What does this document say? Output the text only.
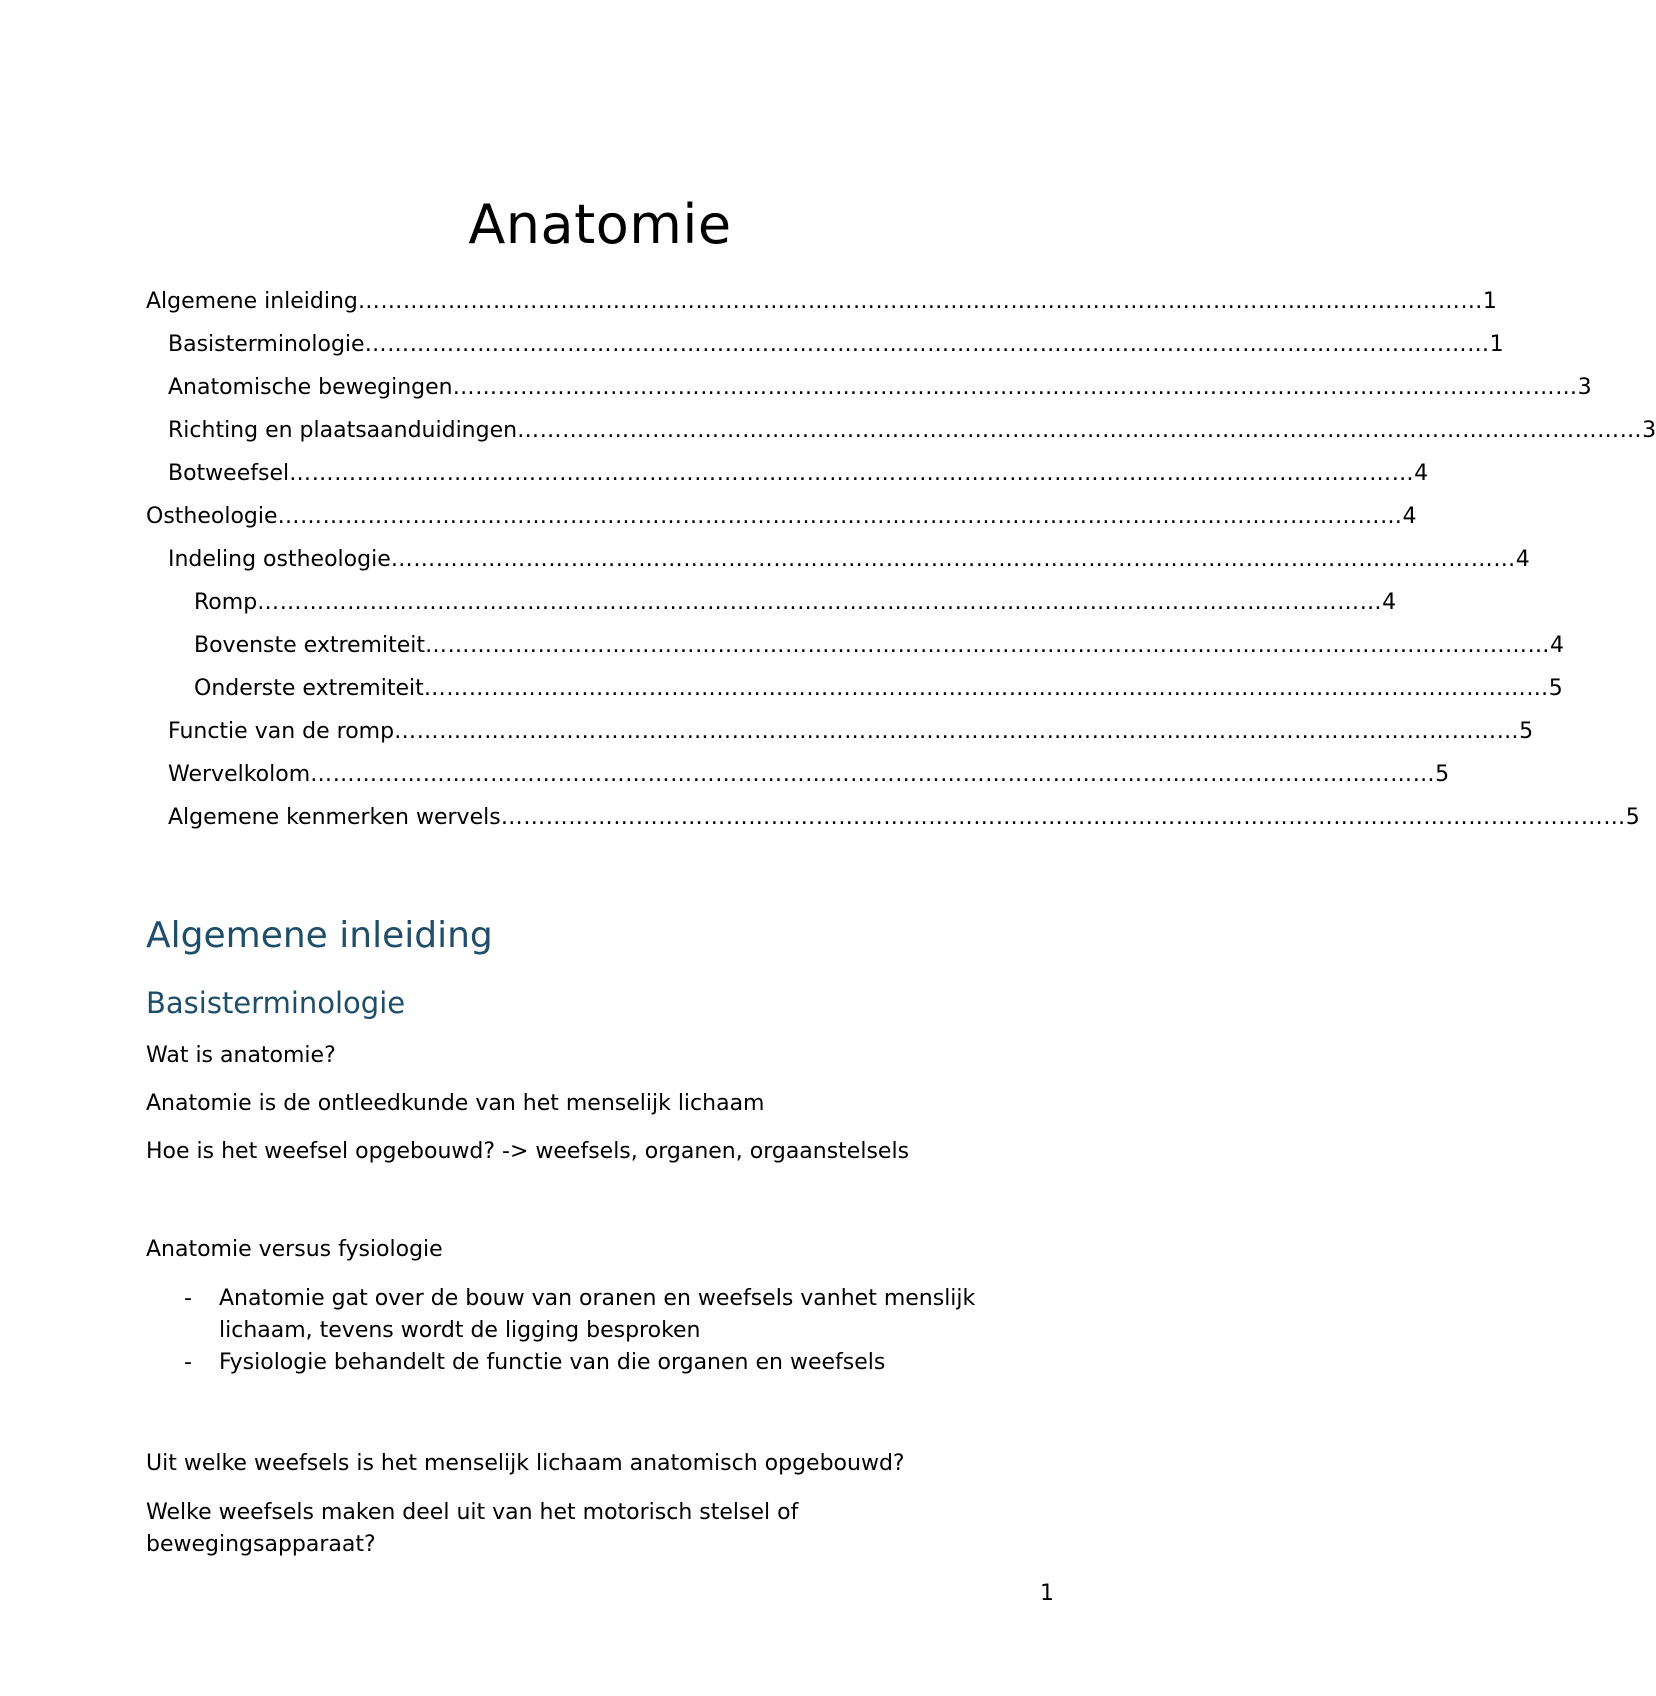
Anatomie
Algemene inleiding …………………………………………………………………………………………………………………………………… 1
Basisterminologie …………………………………………………………………………………………………………………………………… 1
Anatomische bewegingen …………………………………………………………………………………………………………………………………… 3
Richting en plaatsaanduidingen …………………………………………………………………………………………………………………………………… 3
Botweefsel …………………………………………………………………………………………………………………………………… 4
Ostheologie …………………………………………………………………………………………………………………………………… 4
Indeling ostheologie …………………………………………………………………………………………………………………………………… 4
Romp …………………………………………………………………………………………………………………………………… 4
Bovenste extremiteit …………………………………………………………………………………………………………………………………… 4
Onderste extremiteit …………………………………………………………………………………………………………………………………… 5
Functie van de romp …………………………………………………………………………………………………………………………………… 5
Wervelkolom …………………………………………………………………………………………………………………………………… 5
Algemene kenmerken wervels …………………………………………………………………………………………………………………………………… 5
Algemene inleiding
Basisterminologie
Wat is anatomie?
Anatomie is de ontleedkunde van het menselijk lichaam
Hoe is het weefsel opgebouwd? -> weefsels, organen, orgaanstelsels
Anatomie versus fysiologie
- Anatomie gat over de bouw van oranen en weefsels vanhet menslijk lichaam, tevens wordt de ligging besproken
- Fysiologie behandelt de functie van die organen en weefsels
Uit welke weefsels is het menselijk lichaam anatomisch opgebouwd?
Welke weefsels maken deel uit van het motorisch stelsel of bewegingsapparaat?
1
